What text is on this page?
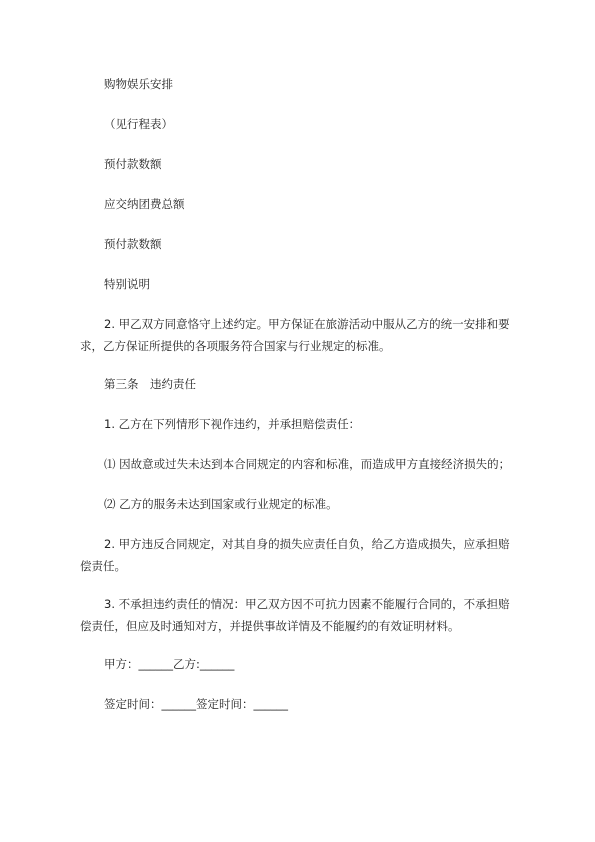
购物娱乐安排

（见行程表）

预付款数额

应交纳团费总额

预付款数额

特别说明

2. 甲乙双方同意恪守上述约定。甲方保证在旅游活动中服从乙方的统一安排和要求，乙方保证所提供的各项服务符合国家与行业规定的标准。

第三条　违约责任

1. 乙方在下列情形下视作违约，并承担赔偿责任：

⑴ 因故意或过失未达到本合同规定的内容和标准，而造成甲方直接经济损失的；

⑵ 乙方的服务未达到国家或行业规定的标准。

2. 甲方违反合同规定，对其自身的损失应责任自负，给乙方造成损失，应承担赔偿责任。

3. 不承担违约责任的情况：甲乙双方因不可抗力因素不能履行合同的，不承担赔偿责任，但应及时通知对方，并提供事故详情及不能履约的有效证明材料。

甲方：______乙方:______

签定时间：______签定时间：______
